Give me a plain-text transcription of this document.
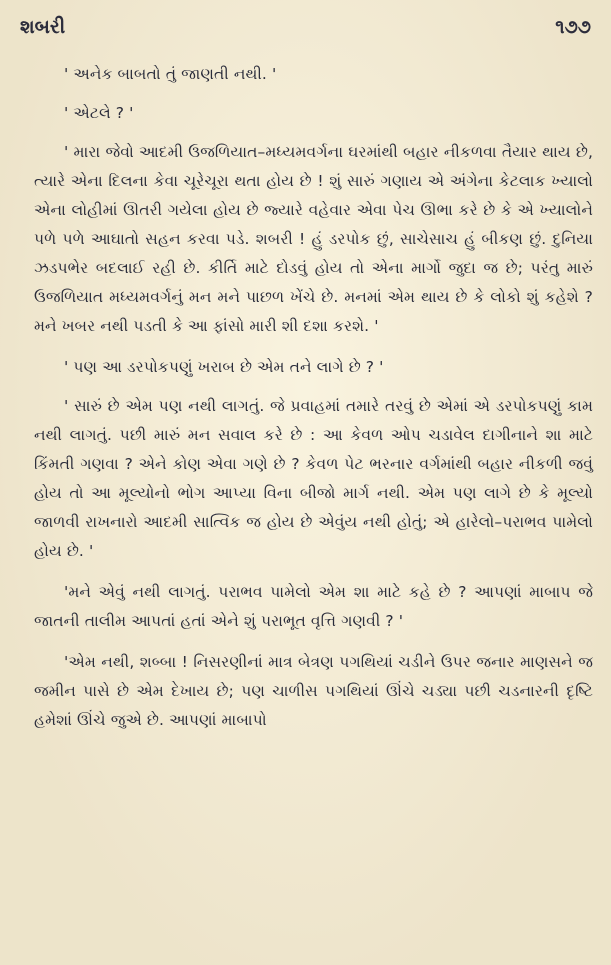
શબરી	૧૭૭

' અનેક બાબતો તું જાણતી નથી. '

' એટલે ? '

' મારા જેવો આદમી ઉજળિયાત–મધ્યમવર્ગના ઘરમાંથી બહાર નીકળવા તૈયાર થાય છે, ત્યારે એના દિલના કેવા ચૂરેચૂરા થતા હોય છે ! શું સારું ગણાય એ અંગેના કેટલાક ખ્યાલો એના લોહીમાં ઊતરી ગયેલા હોય છે જ્યારે વહેવાર એવા પેચ ઊભા કરે છે કે એ ખ્યાલોને પળે પળે આઘાતો સહન કરવા પડે. શબરી ! હું ડરપોક છું, સાચેસાચ હું બીકણ છું. દુનિયા ઝડપભેર બદલાઈ રહી છે. કીર્તિ માટે દોડવું હોય તો એના માર્ગો જુદા જ છે; પરંતુ મારું ઉજળિયાત મધ્યમવર્ગનું મન મને પાછળ ખેંચે છે. મનમાં એમ થાય છે કે લોકો શું કહેશે ? મને ખબર નથી પડતી કે આ ફાંસો મારી શી દશા કરશે. '

' પણ આ ડરપોકપણું ખરાબ છે એમ તને લાગે છે ? '

' સારું છે એમ પણ નથી લાગતું. જે પ્રવાહમાં તમારે તરવું છે એમાં એ ડરપોકપણું કામ નથી લાગતું. પછી મારું મન સવાલ કરે છે : આ કેવળ ઓપ ચડાવેલ દાગીનાને શા માટે કિંમતી ગણવા ? એને કોણ એવા ગણે છે ? કેવળ પેટ ભરનાર વર્ગમાંથી બહાર નીકળી જવું હોય તો આ મૂલ્યોનો ભોગ આપ્યા વિના બીજો માર્ગ નથી. એમ પણ લાગે છે કે મૂલ્યો જાળવી રાખનારો આદમી સાત્વિક જ હોય છે એવુંય નથી હોતું; એ હારેલો–પરાભવ પામેલો હોય છે. '

'મને એવું નથી લાગતું. પરાભવ પામેલો એમ શા માટે કહે છે ? આપણાં માબાપ જે જાતની તાલીમ આપતાં હતાં એને શું પરાભૂત વૃત્તિ ગણવી ? '

'એમ નથી, શબ્બા ! નિસરણીનાં માત્ર બેત્રણ પગથિયાં ચડીને ઉપર જનાર માણસને જ જમીન પાસે છે એમ દેખાય છે; પણ ચાળીસ પગથિયાં ઊંચે ચડ્યા પછી ચડનારની દૃષ્ટિ હમેશાં ઊંચે જુએ છે. આપણાં માબાપો
